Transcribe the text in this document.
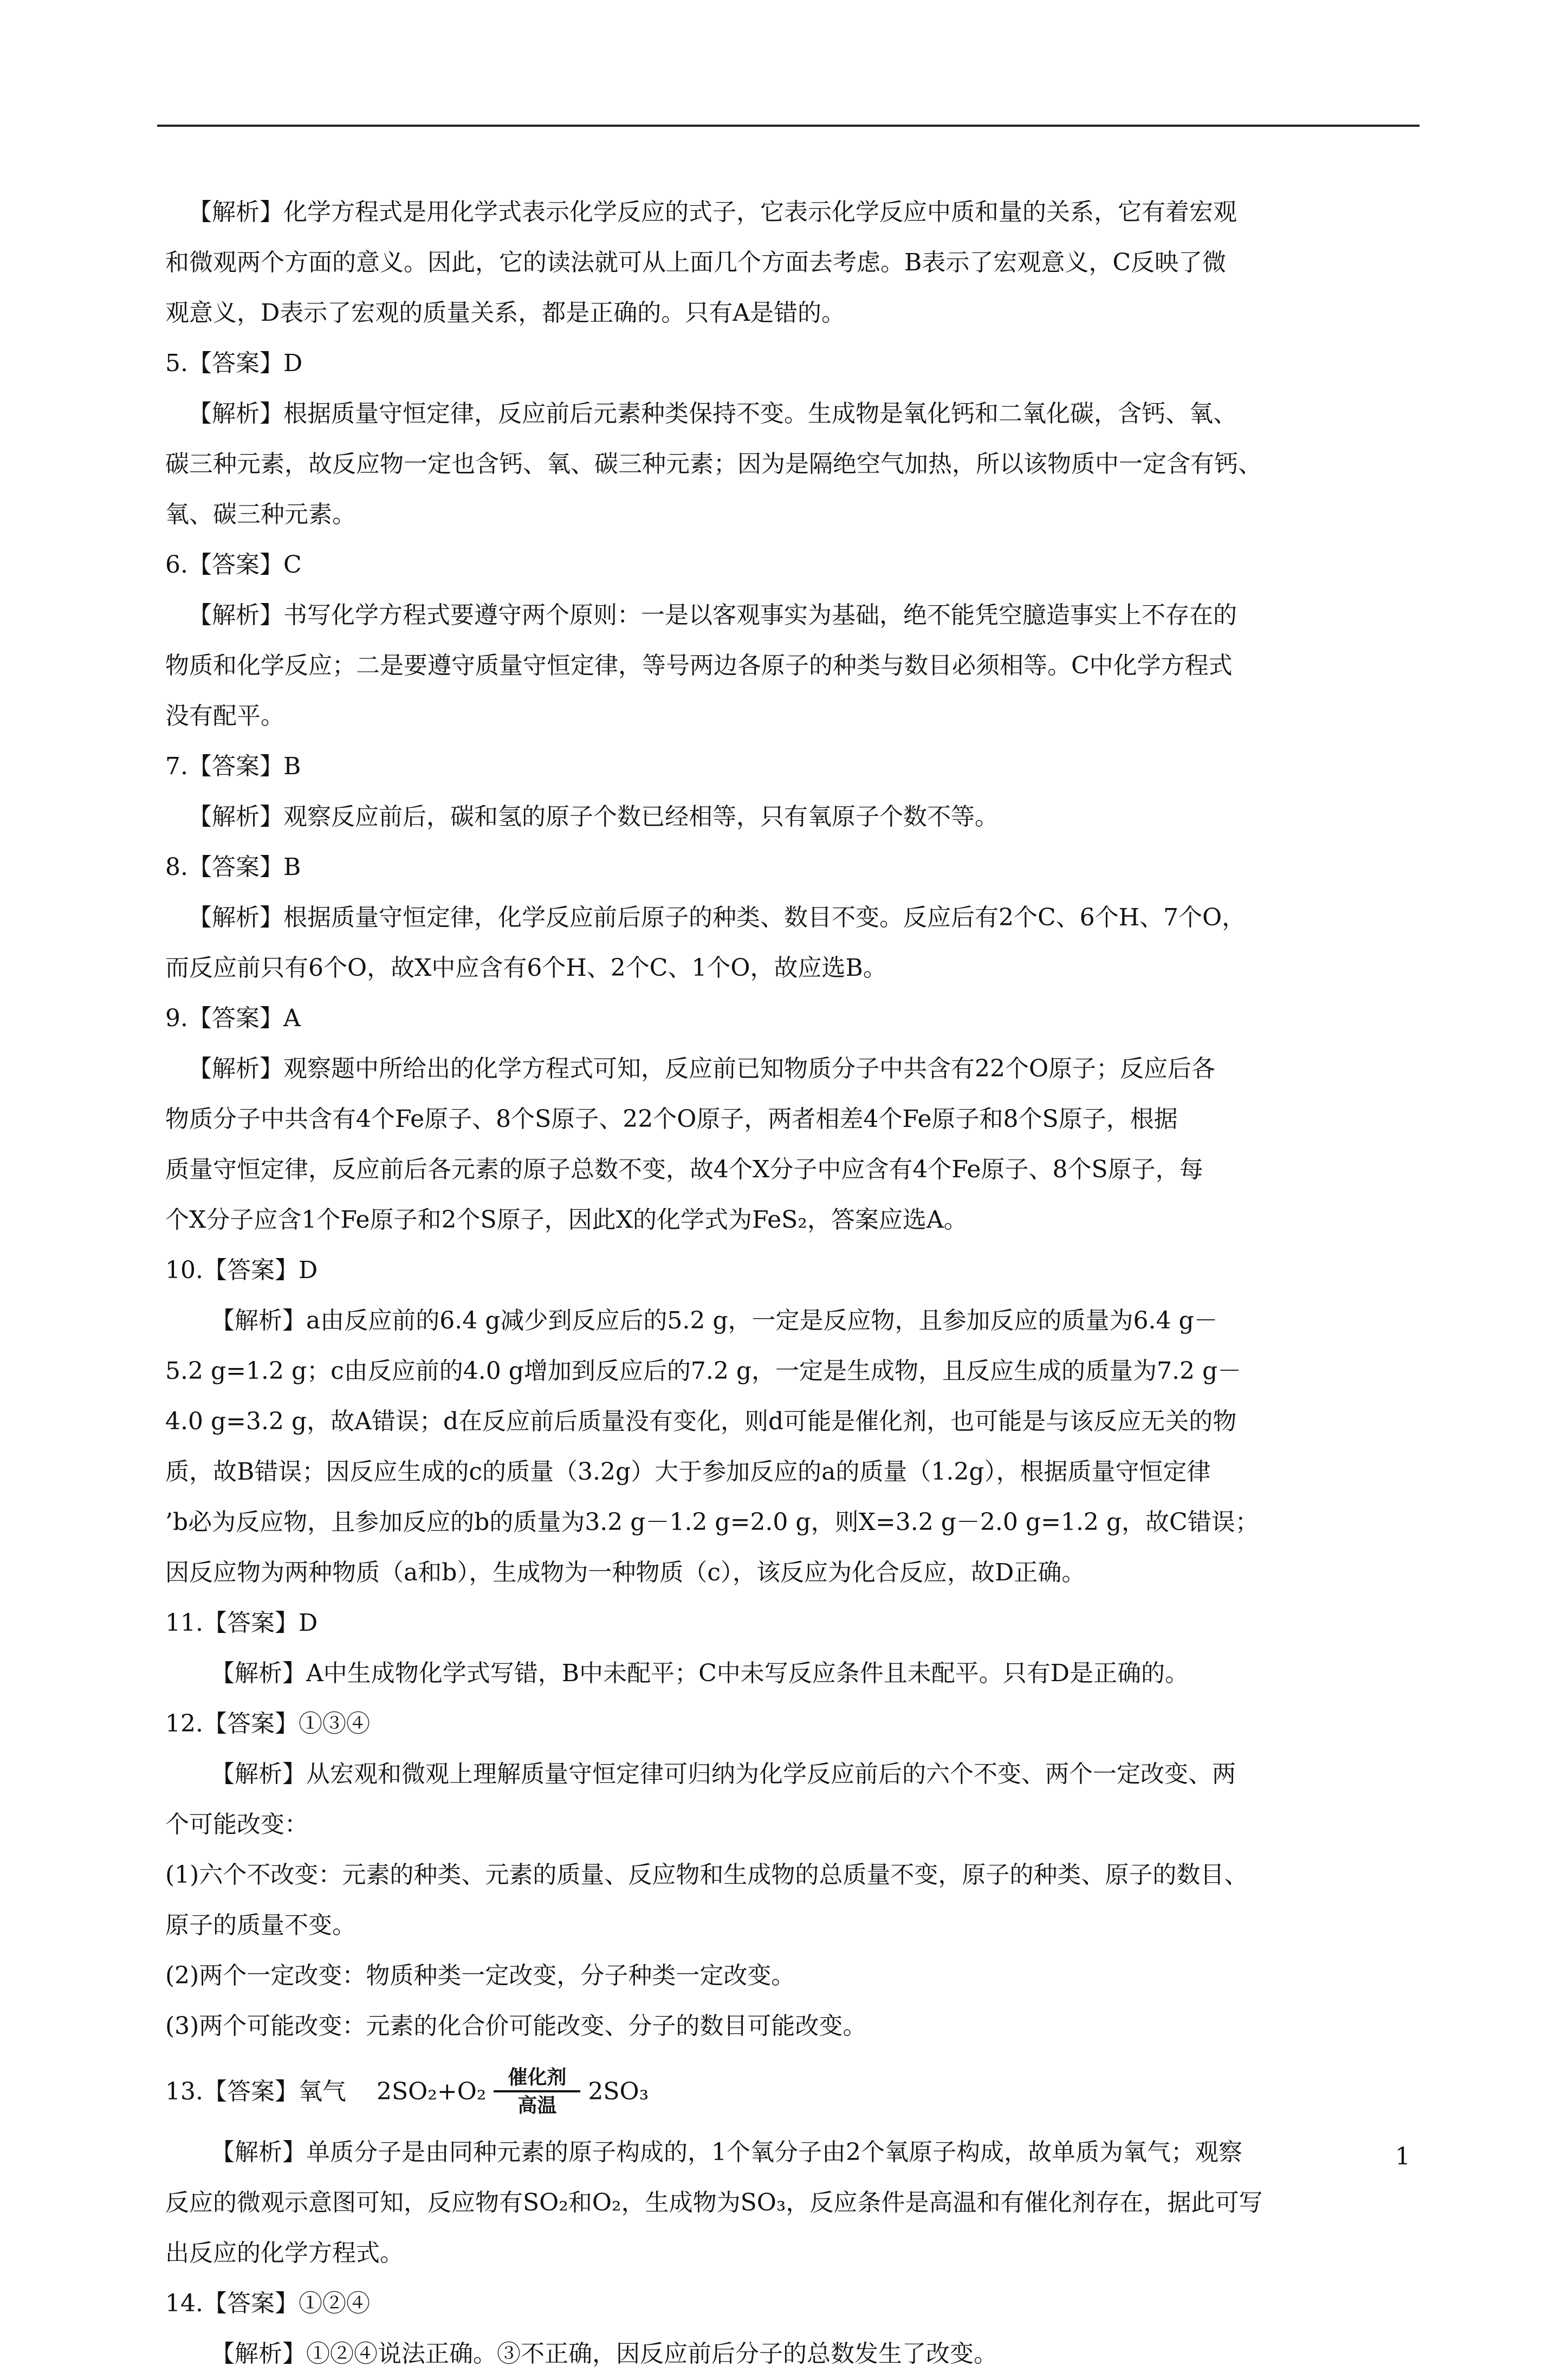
【解析】化学方程式是用化学式表示化学反应的式子，它表示化学反应中质和量的关系，它有着宏观

和微观两个方面的意义。因此，它的读法就可从上面几个方面去考虑。B表示了宏观意义，C反映了微

观意义，D表示了宏观的质量关系，都是正确的。只有A是错的。

5.【答案】D

【解析】根据质量守恒定律，反应前后元素种类保持不变。生成物是氧化钙和二氧化碳，含钙、氧、

碳三种元素，故反应物一定也含钙、氧、碳三种元素；因为是隔绝空气加热，所以该物质中一定含有钙、

氧、碳三种元素。

6.【答案】C

【解析】书写化学方程式要遵守两个原则：一是以客观事实为基础，绝不能凭空臆造事实上不存在的

物质和化学反应；二是要遵守质量守恒定律，等号两边各原子的种类与数目必须相等。C中化学方程式

没有配平。

7.【答案】B

【解析】观察反应前后，碳和氢的原子个数已经相等，只有氧原子个数不等。

8.【答案】B

【解析】根据质量守恒定律，化学反应前后原子的种类、数目不变。反应后有2个C、6个H、7个O，

而反应前只有6个O，故X中应含有6个H、2个C、1个O，故应选B。

9.【答案】A

【解析】观察题中所给出的化学方程式可知，反应前已知物质分子中共含有22个O原子；反应后各

物质分子中共含有4个Fe原子、8个S原子、22个O原子，两者相差4个Fe原子和8个S原子，根据

质量守恒定律，反应前后各元素的原子总数不变，故4个X分子中应含有4个Fe原子、8个S原子，每

个X分子应含1个Fe原子和2个S原子，因此X的化学式为FeS₂，答案应选A。

10.【答案】D

【解析】a由反应前的6.4 g减少到反应后的5.2 g，一定是反应物，且参加反应的质量为6.4 g－

5.2 g=1.2 g；c由反应前的4.0 g增加到反应后的7.2 g，一定是生成物，且反应生成的质量为7.2 g－

4.0 g=3.2 g，故A错误；d在反应前后质量没有变化，则d可能是催化剂，也可能是与该反应无关的物

质，故B错误；因反应生成的c的质量（3.2g）大于参加反应的a的质量（1.2g），根据质量守恒定律

’b必为反应物，且参加反应的b的质量为3.2 g－1.2 g=2.0 g，则X=3.2 g－2.0 g=1.2 g，故C错误；

因反应物为两种物质（a和b），生成物为一种物质（c），该反应为化合反应，故D正确。

11.【答案】D

【解析】A中生成物化学式写错，B中未配平；C中未写反应条件且未配平。只有D是正确的。

12.【答案】①③④

【解析】从宏观和微观上理解质量守恒定律可归纳为化学反应前后的六个不变、两个一定改变、两

个可能改变：

(1)六个不改变：元素的种类、元素的质量、反应物和生成物的总质量不变，原子的种类、原子的数目、

原子的质量不变。

(2)两个一定改变：物质种类一定改变，分子种类一定改变。

(3)两个可能改变：元素的化合价可能改变、分子的数目可能改变。

13.【答案】氧气 $2SO_2+O_2 \frac{\text{催化剂}}{\text{高温}} 2SO_3$

【解析】单质分子是由同种元素的原子构成的，1个氧分子由2个氧原子构成，故单质为氧气；观察

反应的微观示意图可知，反应物有SO₂和O₂，生成物为SO₃，反应条件是高温和有催化剂存在，据此可写

出反应的化学方程式。

14.【答案】①②④

【解析】①②④说法正确。③不正确，因反应前后分子的总数发生了改变。

1
